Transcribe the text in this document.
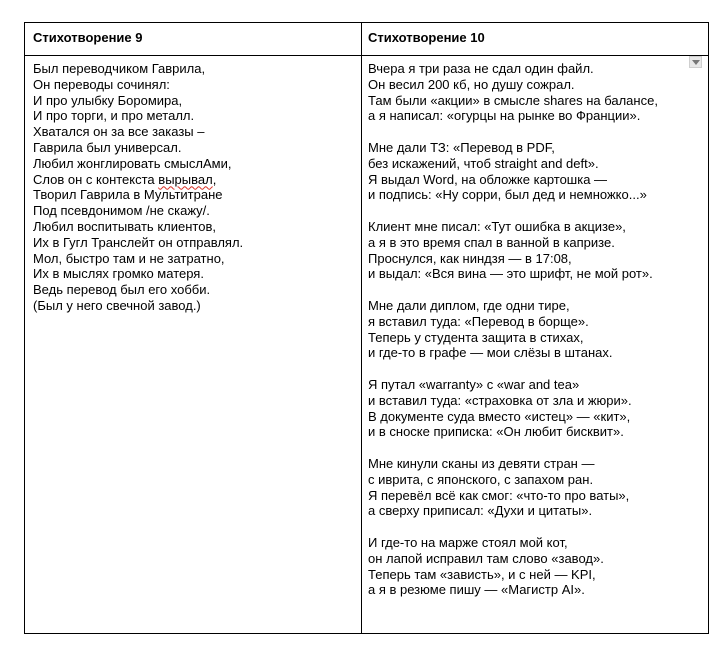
Стихотворение 9	Стихотворение 10
Был переводчиком Гаврила,
Он переводы сочинял:
И про улыбку Боромира,
И про торги, и про металл.
Хватался он за все заказы –
Гаврила был универсал.
Любил жонглировать смыслАми,
Слов он с контекста вырывал,
Творил Гаврила в Мультитране
Под псевдонимом /не скажу/.
Любил воспитывать клиентов,
Их в Гугл Транслейт он отправлял.
Мол, быстро там и не затратно,
Их в мыслях громко матеря.
Ведь перевод был его хобби.
(Был у него свечной завод.)
Вчера я три раза не сдал один файл.
Он весил 200 кб, но душу сожрал.
Там были «акции» в смысле shares на балансе,
а я написал: «огурцы на рынке во Франции».
Мне дали ТЗ: «Перевод в PDF,
без искажений, чтоб straight and deft».
Я выдал Word, на обложке картошка —
и подпись: «Ну сорри, был дед и немножко...»
Клиент мне писал: «Тут ошибка в акцизе»,
а я в это время спал в ванной в капризе.
Проснулся, как ниндзя — в 17:08,
и выдал: «Вся вина — это шрифт, не мой рот».
Мне дали диплом, где одни тире,
я вставил туда: «Перевод в борще».
Теперь у студента защита в стихах,
и где-то в графе — мои слёзы в штанах.
Я путал «warranty» с «war and tea»
и вставил туда: «страховка от зла и жюри».
В документе суда вместо «истец» — «кит»,
и в сноске приписка: «Он любит бисквит».
Мне кинули сканы из девяти стран —
с иврита, с японского, с запахом ран.
Я перевёл всё как смог: «что-то про ваты»,
а сверху приписал: «Духи и цитаты».
И где-то на марже стоял мой кот,
он лапой исправил там слово «завод».
Теперь там «зависть», и с ней — KPI,
а я в резюме пишу — «Магистр AI».
